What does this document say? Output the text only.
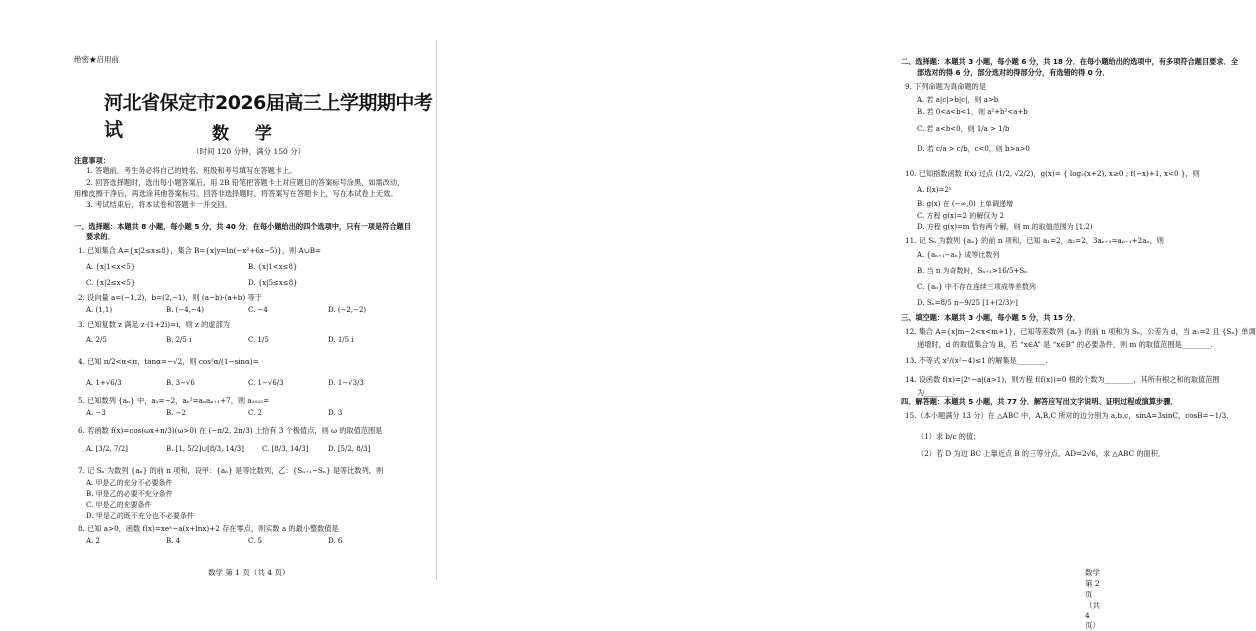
绝密★启用前
河北省保定市2026届高三上学期期中考试	数 学
（时间 120 分钟，满分 150 分）
注意事项：
1. 答题前，考生务必将自己的姓名、班级和考号填写在答题卡上。
2. 回答选择题时，选出每小题答案后，用 2B 铅笔把答题卡上对应题目的答案标号涂黑，如需改动，
用橡皮擦干净后，再选涂其他答案标号。回答非选择题时，将答案写在答题卡上，写在本试卷上无效。
3. 考试结束后，将本试卷和答题卡一并交回。
一、选择题：本题共 8 小题，每小题 5 分，共 40 分．在每小题给出的四个选项中，只有一项是符合题目
要求的．
1. 已知集合 A={x|2≤x≤8}，集合 B={x|y=ln(−x²+6x−5)}，则 A∪B=
A. {x|1<x<5}	B. {x|1<x≤8}
C. {x|2≤x<5}	D. {x|5≤x≤8}
2. 设向量 a=(−1,2)，b=(2,−1)，则 (a−b)·(a+b) 等于
A. (1,1)	B. (−4,−4)	C. −4	D. (−2,−2)
3. 已知复数 z 满足 z·(1+2i)=i，则 z 的虚部为
A. 2/5	B. 2/5 i	C. 1/5	D. 1/5 i
4. 已知 π/2<α<π，tanα=−√2，则 cos²α/(1−sinα)=
A. 1+√6/3	B. 3−√6	C. 1−√6/3	D. 1−√3/3
5. 已知数列 {aₙ} 中，a₁=−2，aₙ²=aₙaₙ₊₁+7，则 a₂₀₂₅=
A. −3	B. −2	C. 2	D. 3
6. 若函数 f(x)=cos(ωx+π/3)(ω>0) 在 (−π/2, 2π/3) 上恰有 3 个极值点，则 ω 的取值范围是
A. [3/2, 7/2]	B. [1, 5/2]∪[8/3, 14/3]	C. [8/3, 14/3]	D. [5/2, 8/3]
7. 记 Sₙ 为数列 {aₙ} 的前 n 项和，设甲：{aₙ} 是等比数列，乙：{Sₙ₊₁−Sₙ} 是等比数列，则
A. 甲是乙的充分不必要条件
B. 甲是乙的必要不充分条件
C. 甲是乙的充要条件
D. 甲是乙的既不充分也不必要条件
8. 已知 a>0，函数 f(x)=xeˣ−a(x+lnx)+2 存在零点，则实数 a 的最小整数值是
A. 2	B. 4	C. 5	D. 6
数学 第 1 页（共 4 页）
二、选择题：本题共 3 小题，每小题 6 分，共 18 分．在每小题给出的选项中，有多项符合题目要求．全
部选对的得 6 分，部分选对的得部分分，有选错的得 0 分．
9. 下列命题为真命题的是
A. 若 a|c|>b|c|，则 a>b
B. 若 0<a<b<1，则 a²+b²<a+b
C. 若 a<b<0，则 1/a > 1/b
D. 若 c/a > c/b，c<0，则 b>a>0
10. 已知指数函数 f(x) 过点 (1/2, √2/2)，g(x)= { log₂(x+2), x≥0 ; f(−x)+1, x<0 }，则
A. f(x)=2ˣ
B. g(x) 在 (−∞,0) 上单调递增
C. 方程 g(x)=2 的解仅为 2
D. 方程 g(x)=m 恰有两个解，则 m 的取值范围为 [1,2)
11. 记 Sₙ 为数列 {aₙ} 的前 n 项和，已知 a₁=2，a₂=2，3aₙ₊₂=aₙ₊₁+2aₙ，则
A. {aₙ₊₁−aₙ} 成等比数列
B. 当 n 为奇数时，Sₙ₊₁>16/5+Sₙ
C. {aₙ} 中不存在连续三项成等差数列
D. Sₙ=8/5 n−9/25 [1+(2/3)ⁿ]
三、填空题：本题共 3 小题，每小题 5 分，共 15 分．
12. 集合 A={x|m−2<x<m+1}，已知等差数列 {aₙ} 的前 n 项和为 Sₙ，公差为 d，当 a₁=2 且 {Sₙ} 单调
递增时，d 的取值集合为 B，若 “x∈A” 是 “x∈B” 的必要条件，则 m 的取值范围是________.
13. 不等式 x²/(x²−4)≤1 的解集是________.
14. 设函数 f(x)=|2ˣ−a|(a>1)，则方程 f(f(x))=0 根的个数为________，其所有根之和的取值范围
为________.
四、解答题：本题共 5 小题，共 77 分．解答应写出文字说明、证明过程或演算步骤．
15.（本小题满分 13 分）在 △ABC 中，A,B,C 所对的边分别为 a,b,c，sinA=3sinC，cosB=−1/3．
（1）求 b/c 的值；
（2）若 D 为边 BC 上靠近点 B 的三等分点，AD=2√6，求 △ABC 的面积．
数学 第 2 页（共 4 页）
